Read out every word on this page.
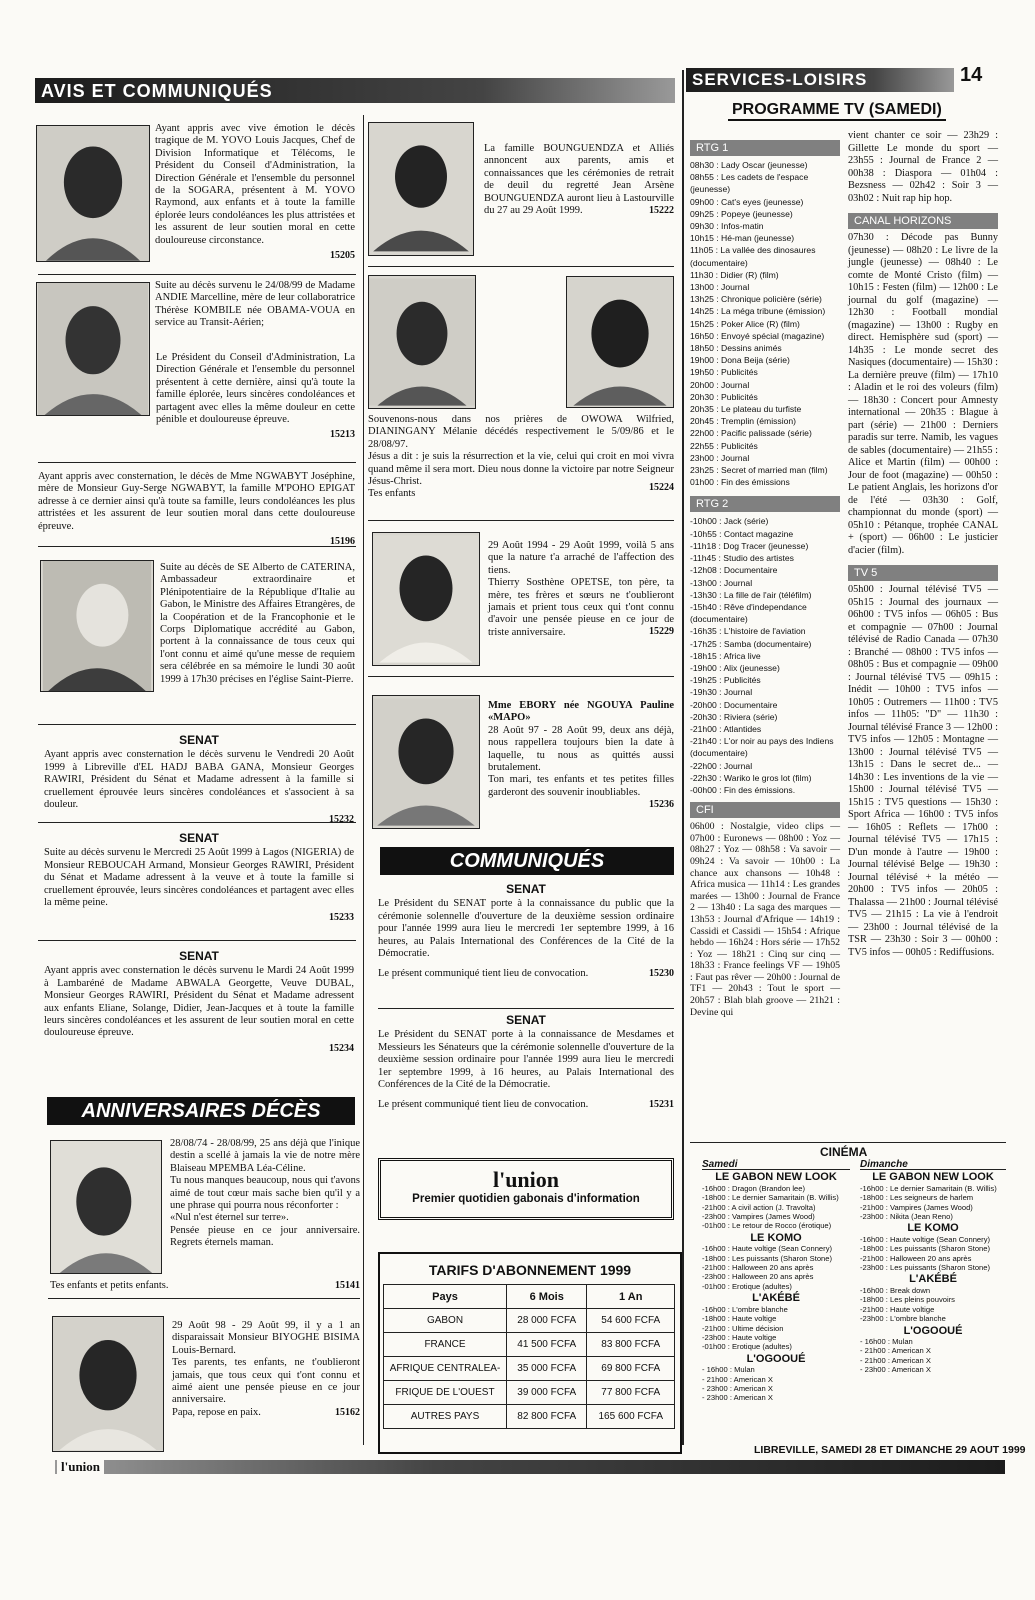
AVIS ET COMMUNIQUÉS
SERVICES-LOISIRS	14

Ayant appris avec vive émotion le décès tragique de M. YOVO Louis Jacques, Chef de Division Informatique et Télécoms, le Président du Conseil d'Administration, la Direction Générale et l'ensemble du personnel de la SOGARA, présentent à M. YOVO Raymond, aux enfants et à toute la famille éplorée leurs condoléances les plus attristées et les assurent de leur soutien moral en cette douloureuse circonstance.

15205

Suite au décès survenu le 24/08/99 de Madame ANDIE Marcelline, mère de leur collaboratrice Thérèse KOMBILE née OBAMA-VOUA en service au Transit-Aérien;

Le Président du Conseil d'Administration, La Direction Générale et l'ensemble du personnel présentent à cette dernière, ainsi qu'à toute la famille éplorée, leurs sincères condoléances et partagent avec elles la même douleur en cette pénible et douloureuse épreuve.

15213

Ayant appris avec consternation, le décès de Mme NGWABYT Joséphine, mère de Monsieur Guy-Serge NGWABYT, la famille M'POHO EPIGAT adresse à ce dernier ainsi qu'à toute sa famille, leurs condoléances les plus attristées et les assurent de leur soutien moral dans cette douloureuse épreuve.

15196

Suite au décès de SE Alberto de CATERINA, Ambassadeur extraordinaire et Plénipotentiaire de la République d'Italie au Gabon, le Ministre des Affaires Etrangères, de la Coopération et de la Francophonie et le Corps Diplomatique accrédité au Gabon, portent à la connaissance de tous ceux qui l'ont connu et aimé qu'une messe de requiem sera célébrée en sa mémoire le lundi 30 août 1999 à 17h30 précises en l'église Saint-Pierre.

SENAT

Ayant appris avec consternation le décès survenu le Vendredi 20 Août 1999 à Libreville d'EL HADJ BABA GANA, Monsieur Georges RAWIRI, Président du Sénat et Madame adressent à la famille si cruellement éprouvée leurs sincères condoléances et s'associent à sa douleur.

15232
SENAT

Suite au décès survenu le Mercredi 25 Août 1999 à Lagos (NIGERIA) de Monsieur REBOUCAH Armand, Monsieur Georges RAWIRI, Président du Sénat et Madame adressent à la veuve et à toute la famille si cruellement éprouvée, leurs sincères condoléances et partagent avec elles la même peine.

15233
SENAT

Ayant appris avec consternation le décès survenu le Mardi 24 Août 1999 à Lambaréné de Madame ABWALA Georgette, Veuve DUBAL, Monsieur Georges RAWIRI, Président du Sénat et Madame adressent aux enfants Eliane, Solange, Didier, Jean-Jacques et à toute la famille leurs sincères condoléances et les assurent de leur soutien moral en cette douloureuse épreuve.

15234
ANNIVERSAIRES DÉCÈS

28/08/74 - 28/08/99, 25 ans déjà que l'inique destin a scellé à jamais la vie de notre mère Blaiseau MPEMBA Léa-Céline.

Tu nous manques beaucoup, nous qui t'avons aimé de tout cœur mais sache bien qu'il y a une phrase qui pourra nous réconforter :

«Nul n'est éternel sur terre».

Pensée pieuse en ce jour anniversaire. Regrets éternels maman.

Tes enfants et petits enfants.	15141

29 Août 98 - 29 Août 99, il y a 1 an disparaissait Monsieur BIYOGHE BISIMA Louis-Bernard.

Tes parents, tes enfants, ne t'oublieront jamais, que tous ceux qui t'ont connu et aimé aient une pensée pieuse en ce jour anniversaire.

Papa, repose en paix.	15162

La famille BOUNGUENDZA et Alliés annoncent aux parents, amis et connaissances que les cérémonies de retrait de deuil du regretté Jean Arsène BOUNGUENDZA auront lieu à Lastourville du 27 au 29 Août 1999.	15222

Souvenons-nous dans nos prières de OWOWA Wilfried, DIANINGANY Mélanie décédés respectivement le 5/09/86 et le 28/08/97.

Jésus a dit : je suis la résurrection et la vie, celui qui croit en moi vivra quand même il sera mort. Dieu nous donne la victoire par notre Seigneur Jésus-Christ.

Tes enfants
15224

29 Août 1994 - 29 Août 1999, voilà 5 ans que la nature t'a arraché de l'affection des tiens.

Thierry Sosthène OPETSE, ton père, ta mère, tes frères et sœurs ne t'oublieront jamais et prient tous ceux qui t'ont connu d'avoir une pensée pieuse en ce jour de triste anniversaire.	15229

Mme EBORY née NGOUYA Pauline «MAPO»

28 Août 97 - 28 Août 99, deux ans déjà, nous rappellera toujours bien la date à laquelle, tu nous as quittés aussi brutalement.

Ton mari, tes enfants et tes petites filles garderont des souvenir inoubliables.

15236
COMMUNIQUÉS
SENAT

Le Président du SENAT porte à la connaissance du public que la cérémonie solennelle d'ouverture de la deuxième session ordinaire pour l'année 1999 aura lieu le mercredi 1er septembre 1999, à 16 heures, au Palais International des Conférences de la Cité de la Démocratie.

Le présent communiqué tient lieu de convocation.	15230
SENAT

Le Président du SENAT porte à la connaissance de Mesdames et Messieurs les Sénateurs que la cérémonie solennelle d'ouverture de la deuxième session ordinaire pour l'année 1999 aura lieu le mercredi 1er septembre 1999, à 16 heures, au Palais International des Conférences de la Cité de la Démocratie.

Le présent communiqué tient lieu de convocation.	15231
l'union
Premier quotidien gabonais d'information
TARIFS D'ABONNEMENT 1999
Pays	6 Mois	1 An
GABON	28 000 FCFA	54 600 FCFA
FRANCE	41 500 FCFA	83 800 FCFA
AFRIQUE CENTRALEA-	35 000 FCFA	69 800 FCFA
FRIQUE DE L'OUEST	39 000 FCFA	77 800 FCFA
AUTRES PAYS	82 800 FCFA	165 600 FCFA
PROGRAMME TV (SAMEDI)
RTG 1
08h30 : Lady Oscar (jeunesse)
08h55 : Les cadets de l'espace (jeunesse)
09h00 : Cat's eyes (jeunesse)
09h25 : Popeye (jeunesse)
09h30 : Infos-matin
10h15 : Hé-man (jeunesse)
11h05 : La vallée des dinosaures (documentaire)
11h30 : Didier (R) (film)
13h00 : Journal
13h25 : Chronique policière (série)
14h25 : La méga tribune (émission)
15h25 : Poker Alice (R) (film)
16h50 : Envoyé spécial (magazine)
18h50 : Dessins animés
19h00 : Dona Beija (série)
19h50 : Publicités
20h00 : Journal
20h30 : Publicités
20h35 : Le plateau du turfiste
20h45 : Tremplin (émission)
22h00 : Pacific palissade (série)
22h55 : Publicités
23h00 : Journal
23h25 : Secret of married man (film)
01h00 : Fin des émissions
RTG 2
-10h00 : Jack (série)
-10h55 : Contact magazine
-11h18 : Dog Tracer (jeunesse)
-11h45 : Studio des artistes
-12h08 : Documentaire
-13h00 : Journal
-13h30 : La fille de l'air (téléfilm)
-15h40 : Rêve d'independance (documentaire)
-16h35 : L'histoire de l'aviation
-17h25 : Samba (documentaire)
-18h15 : Africa live
-19h00 : Alix (jeunesse)
-19h25 : Publicités
-19h30 : Journal
-20h00 : Documentaire
-20h30 : Riviera (série)
-21h00 : Atlantides
-21h40 : L'or noir au pays des Indiens (documentaire)
-22h00 : Journal
-22h30 : Wariko le gros lot (film)
-00h00 : Fin des émissions.
CFI
06h00 : Nostalgie, video clips — 07h00 : Euronews — 08h00 : Yoz — 08h27 : Yoz — 08h58 : Va savoir — 09h24 : Va savoir — 10h00 : La chance aux chansons — 10h48 : Africa musica — 11h14 : Les grandes marées — 13h00 : Journal de France 2 — 13h40 : La saga des marques — 13h53 : Journal d'Afrique — 14h19 : Cassidi et Cassidi — 15h54 : Afrique hebdo — 16h24 : Hors série — 17h52 : Yoz — 18h21 : Cinq sur cinq — 18h33 : France feelings VF — 19h05 : Faut pas rêver — 20h00 : Journal de TF1 — 20h43 : Tout le sport — 20h57 : Blah blah groove — 21h21 : Devine qui
vient chanter ce soir — 23h29 : Gillette Le monde du sport — 23h55 : Journal de France 2 — 00h38 : Diaspora — 01h04 : Bezsness — 02h42 : Soir 3 — 03h02 : Nuit rap hip hop.
CANAL HORIZONS
07h30 : Décode pas Bunny (jeunesse) — 08h20 : Le livre de la jungle (jeunesse) — 08h40 : Le comte de Monté Cristo (film) — 10h15 : Festen (film) — 12h00 : Le journal du golf (magazine) — 12h30 : Football mondial (magazine) — 13h00 : Rugby en direct. Hemisphère sud (sport) — 14h35 : Le monde secret des Nasiques (documentaire) — 15h30 : La dernière preuve (film) — 17h10 : Aladin et le roi des voleurs (film) — 18h30 : Concert pour Amnesty international — 20h35 : Blague à part (série) — 21h00 : Derniers paradis sur terre. Namib, les vagues de sables (documentaire) — 21h55 : Alice et Martin (film) — 00h00 : Jour de foot (magazine) — 00h50 : Le patient Anglais, les horizons d'or de l'été — 03h30 : Golf, championnat du monde (sport) — 05h10 : Pétanque, trophée CANAL + (sport) — 06h00 : Le justicier d'acier (film).
TV 5
05h00 : Journal télévisé TV5 — 05h15 : Journal des journaux — 06h00 : TV5 infos — 06h05 : Bus et compagnie — 07h00 : Journal télévisé de Radio Canada — 07h30 : Branché — 08h00 : TV5 infos — 08h05 : Bus et compagnie — 09h00 : Journal télévisé TV5 — 09h15 : Inédit — 10h00 : TV5 infos — 10h05 : Outremers — 11h00 : TV5 infos — 11h05: "D" — 11h30 : Journal télévisé France 3 — 12h00 : TV5 infos — 12h05 : Montagne — 13h00 : Journal télévisé TV5 — 13h15 : Dans le secret de... — 14h30 : Les inventions de la vie — 15h00 : Journal télévisé TV5 — 15h15 : TV5 questions — 15h30 : Sport Africa — 16h00 : TV5 infos — 16h05 : Reflets — 17h00 : Journal télévisé TV5 — 17h15 : D'un monde à l'autre — 19h00 : Journal télévisé Belge — 19h30 : Journal télévisé + la météo — 20h00 : TV5 infos — 20h05 : Thalassa — 21h00 : Journal télévisé TV5 — 21h15 : La vie à l'endroit — 23h00 : Journal télévisé de la TSR — 23h30 : Soir 3 — 00h00 : TV5 infos — 00h05 : Rediffusions.
CINÉMA
Samedi
LE GABON NEW LOOK
-16h00 : Dragon (Brandon lee)
-18h00 : Le dernier Samaritain (B. Willis)
-21h00 : A civil action (J. Travolta)
-23h00 : Vampires (James Wood)
-01h00 : Le retour de Rocco (érotique)
LE KOMO
-16h00 : Haute voltige (Sean Connery)
-18h00 : Les puissants (Sharon Stone)
-21h00 : Halloween 20 ans après
-23h00 : Halloween 20 ans après
-01h00 : Erotique (adultes)
L'AKÉBÉ
-16h00 : L'ombre blanche
-18h00 : Haute voltige
-21h00 : Ultime décision
-23h00 : Haute voltige
-01h00 : Erotique (adultes)
L'OGOOUÉ
- 16h00 : Mulan
- 21h00 : American X
- 23h00 : American X
- 23h00 : American X
Dimanche
LE GABON NEW LOOK
-16h00 : Le dernier Samaritain (B. Willis)
-18h00 : Les seigneurs de harlem
-21h00 : Vampires (James Wood)
-23h00 : Nikita (Jean Reno)
LE KOMO
-16h00 : Haute voltige (Sean Connery)
-18h00 : Les puissants (Sharon Stone)
-21h00 : Halloween 20 ans après
-23h00 : Les puissants (Sharon Stone)
L'AKÉBÉ
-16h00 : Break down
-18h00 : Les pleins pouvoirs
-21h00 : Haute voltige
-23h00 : L'ombre blanche
L'OGOOUÉ
- 16h00 : Mulan
- 21h00 : American X
- 21h00 : American X
- 23h00 : American X
l'union
LIBREVILLE, SAMEDI 28 ET DIMANCHE 29 AOUT 1999
